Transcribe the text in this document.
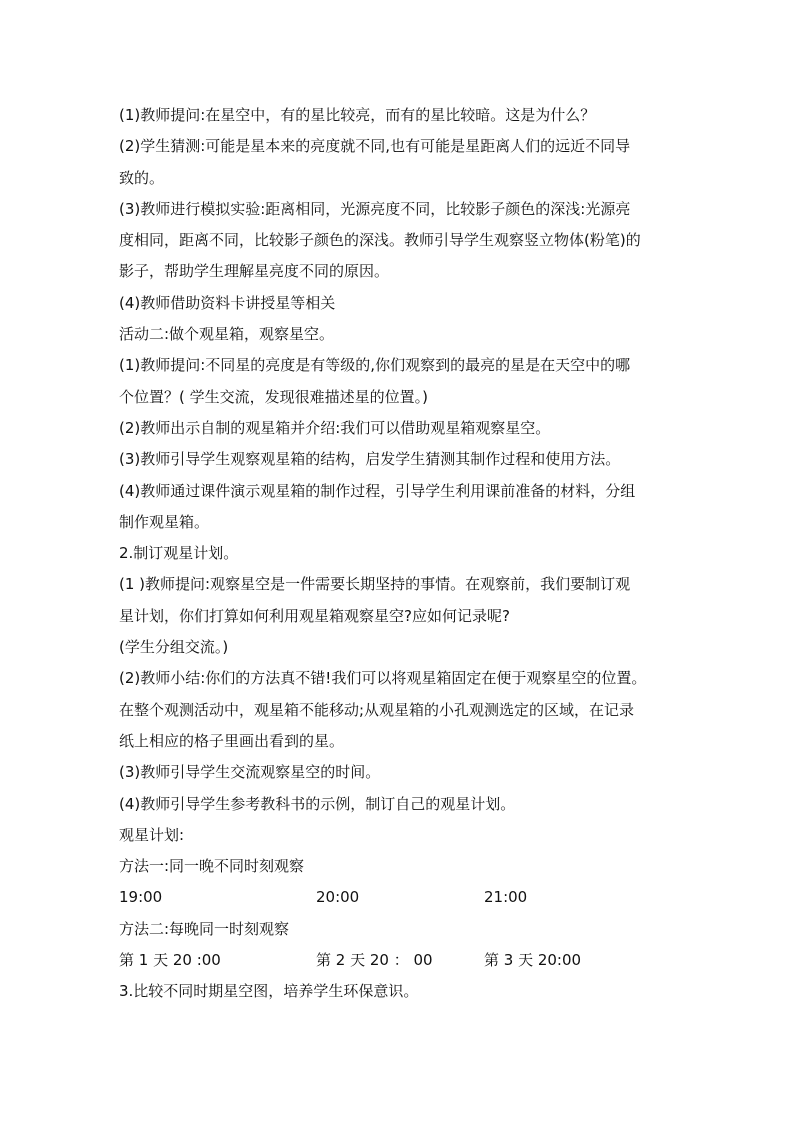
(1)教师提问:在星空中，有的星比较亮，而有的星比较暗。这是为什么？
(2)学生猜测:可能是星本来的亮度就不同,也有可能是星距离人们的远近不同导
致的。
(3)教师进行模拟实验:距离相同，光源亮度不同，比较影子颜色的深浅:光源亮
度相同，距离不同，比较影子颜色的深浅。教师引导学生观察竖立物体(粉笔)的
影子，帮助学生理解星亮度不同的原因。
(4)教师借助资料卡讲授星等相关
活动二:做个观星箱，观察星空。
(1)教师提问:不同星的亮度是有等级的,你们观察到的最亮的星是在天空中的哪
个位置？( 学生交流，发现很难描述星的位置。)
(2)教师出示自制的观星箱并介绍:我们可以借助观星箱观察星空。
(3)教师引导学生观察观星箱的结构，启发学生猜测其制作过程和使用方法。
(4)教师通过课件演示观星箱的制作过程，引导学生利用课前准备的材料，分组
制作观星箱。
2.制订观星计划。
(1 )教师提问:观察星空是一件需要长期坚持的事情。在观察前，我们要制订观
星计划，你们打算如何利用观星箱观察星空?应如何记录呢?
(学生分组交流。)
(2)教师小结:你们的方法真不错!我们可以将观星箱固定在便于观察星空的位置。
在整个观测活动中，观星箱不能移动;从观星箱的小孔观测选定的区域，在记录
纸上相应的格子里画出看到的星。
(3)教师引导学生交流观察星空的时间。
(4)教师引导学生参考教科书的示例，制订自己的观星计划。
观星计划:
方法一:同一晚不同时刻观察
19:00	20:00	21:00
方法二:每晚同一时刻观察
第 1 天 20 :00	第 2 天 20 ： 00	第 3 天 20:00
3.比较不同时期星空图，培养学生环保意识。
